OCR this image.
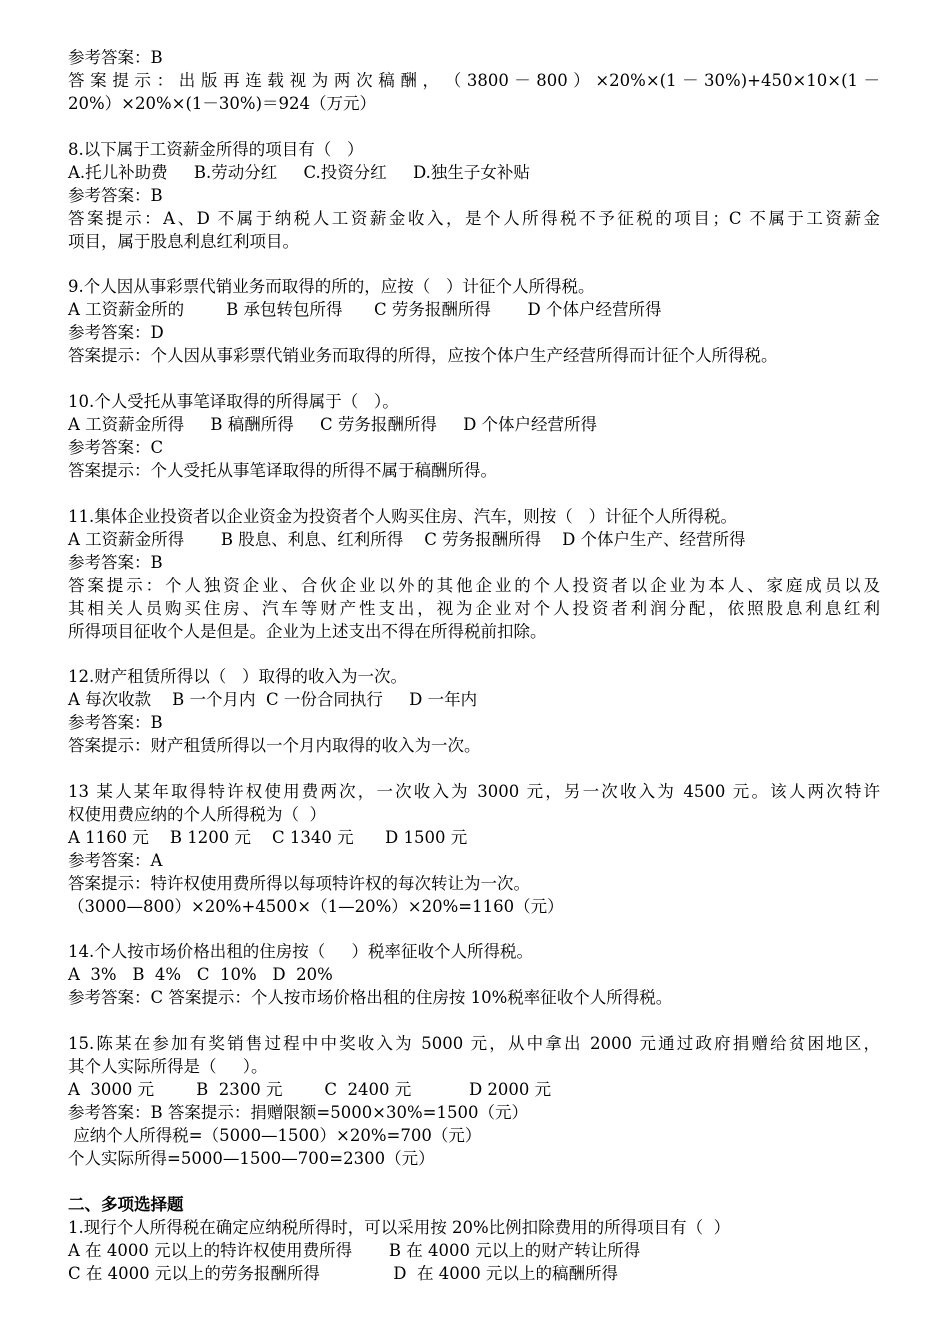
参考答案：B
答 案 提 示 ： 出 版 再 连 载 视 为 两 次 稿 酬 ， （ 3800 － 800 ） ×20%×(1 － 30%)+450×10×(1 －
20%）×20%×(1－30%)＝924（万元）
8.以下属于工资薪金所得的项目有（   ）
A.托儿补助费     B.劳动分红     C.投资分红     D.独生子女补贴
参考答案：B
答案提示：A、D 不属于纳税人工资薪金收入，是个人所得税不予征税的项目；C 不属于工资薪金
项目，属于股息利息红利项目。
9.个人因从事彩票代销业务而取得的所的，应按（   ）计征个人所得税。
A 工资薪金所的        B 承包转包所得      C 劳务报酬所得       D 个体户经营所得
参考答案：D
答案提示：个人因从事彩票代销业务而取得的所得，应按个体户生产经营所得而计征个人所得税。
10.个人受托从事笔译取得的所得属于（   ）。
A 工资薪金所得     B 稿酬所得     C 劳务报酬所得     D 个体户经营所得
参考答案：C
答案提示：个人受托从事笔译取得的所得不属于稿酬所得。
11.集体企业投资者以企业资金为投资者个人购买住房、汽车，则按（   ）计征个人所得税。
A 工资薪金所得       B 股息、利息、红利所得    C 劳务报酬所得    D 个体户生产、经营所得
参考答案：B
答案提示：个人独资企业、合伙企业以外的其他企业的个人投资者以企业为本人、家庭成员以及
其相关人员购买住房、汽车等财产性支出，视为企业对个人投资者利润分配，依照股息利息红利
所得项目征收个人是但是。企业为上述支出不得在所得税前扣除。
12.财产租赁所得以（   ）取得的收入为一次。
A 每次收款    B 一个月内  C 一份合同执行     D 一年内
参考答案：B
答案提示：财产租赁所得以一个月内取得的收入为一次。
13 某人某年取得特许权使用费两次，一次收入为 3000 元，另一次收入为 4500 元。该人两次特许
权使用费应纳的个人所得税为（  ）
A 1160 元    B 1200 元    C 1340 元      D 1500 元
参考答案：A
答案提示：特许权使用费所得以每项特许权的每次转让为一次。
（3000—800）×20%+4500×（1—20%）×20%=1160（元）
14.个人按市场价格出租的住房按（     ）税率征收个人所得税。
A  3%   B  4%   C  10%   D  20%
参考答案：C 答案提示：个人按市场价格出租的住房按 10%税率征收个人所得税。
15.陈某在参加有奖销售过程中中奖收入为 5000 元，从中拿出 2000 元通过政府捐赠给贫困地区，
其个人实际所得是（     ）。
A  3000 元        B  2300 元        C  2400 元           D 2000 元
参考答案：B 答案提示：捐赠限额=5000×30%=1500（元）
应纳个人所得税=（5000—1500）×20%=700（元）
个人实际所得=5000—1500—700=2300（元）
二、多项选择题
1.现行个人所得税在确定应纳税所得时，可以采用按 20%比例扣除费用的所得项目有（  ）
A 在 4000 元以上的特许权使用费所得       B 在 4000 元以上的财产转让所得
C 在 4000 元以上的劳务报酬所得              D  在 4000 元以上的稿酬所得
